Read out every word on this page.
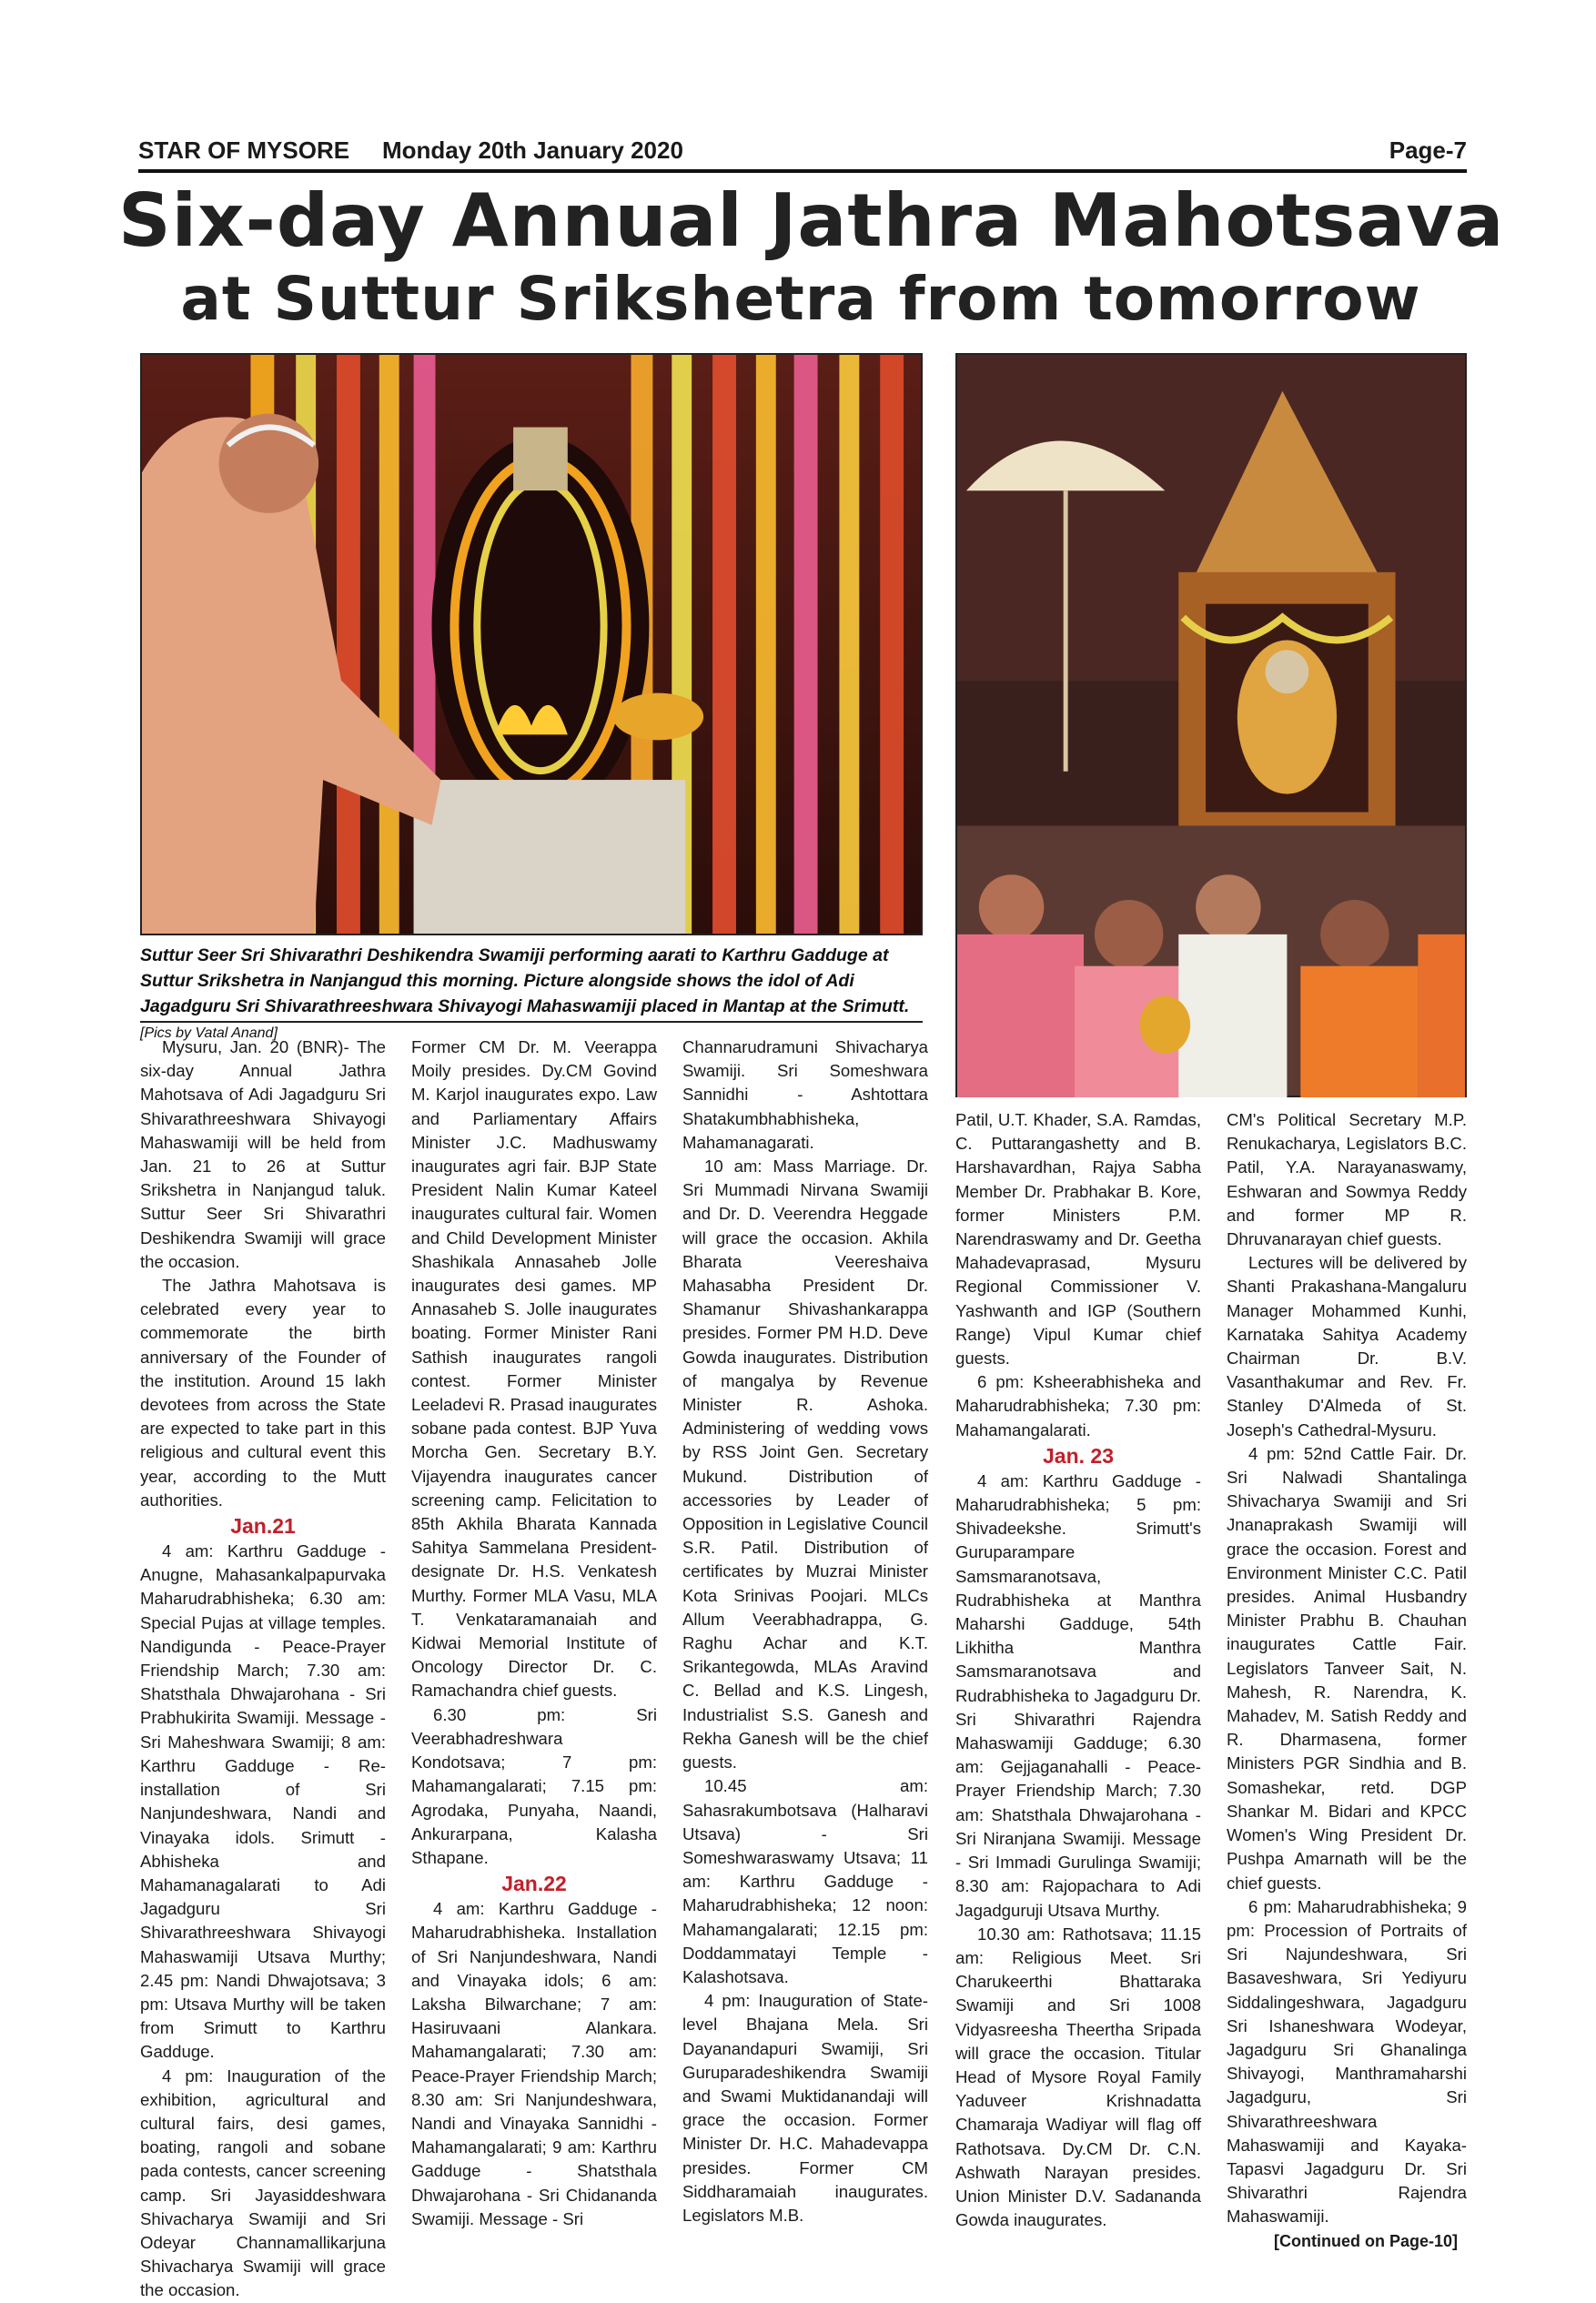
STAR OF MYSORE Monday 20th January 2020	Page-7
Six-day Annual Jathra Mahotsava
at Suttur Srikshetra from tomorrow
Suttur Seer Sri Shivarathri Deshikendra Swamiji performing aarati to Karthru Gadduge at Suttur Srikshetra in Nanjangud this morning. Picture alongside shows the idol of Adi Jagadguru Sri Shivarathreeshwara Shivayogi Mahaswamiji placed in Mantap at the Srimutt. [Pics by Vatal Anand]

Mysuru, Jan. 20 (BNR)- The six-day Annual Jathra Mahotsava of Adi Jagadguru Sri Shivarathreeshwara Shivayogi Mahaswamiji will be held from Jan. 21 to 26 at Suttur Srikshetra in Nanjangud taluk. Suttur Seer Sri Shivarathri Deshikendra Swamiji will grace the occasion.

The Jathra Mahotsava is celebrated every year to commemorate the birth anniversary of the Founder of the institution. Around 15 lakh devotees from across the State are expected to take part in this religious and cultural event this year, according to the Mutt authorities.

Jan.21

4 am: Karthru Gadduge - Anugne, Mahasankalpapurvaka Maharudrabhisheka; 6.30 am: Special Pujas at village temples. Nandigunda - Peace-Prayer Friendship March; 7.30 am: Shatsthala Dhwajarohana - Sri Prabhukirita Swamiji. Message - Sri Maheshwara Swamiji; 8 am: Karthru Gadduge - Re-installation of Sri Nanjundeshwara, Nandi and Vinayaka idols. Srimutt - Abhisheka and Mahamanagalarati to Adi Jagadguru Sri Shivarathreeshwara Shivayogi Mahaswamiji Utsava Murthy; 2.45 pm: Nandi Dhwajotsava; 3 pm: Utsava Murthy will be taken from Srimutt to Karthru Gadduge.

4 pm: Inauguration of the exhibition, agricultural and cultural fairs, desi games, boating, rangoli and sobane pada contests, cancer screening camp. Sri Jayasiddeshwara Shivacharya Swamiji and Sri Odeyar Channamallikarjuna Shivacharya Swamiji will grace the occasion.

Former CM Dr. M. Veerappa Moily presides. Dy.CM Govind M. Karjol inaugurates expo. Law and Parliamentary Affairs Minister J.C. Madhuswamy inaugurates agri fair. BJP State President Nalin Kumar Kateel inaugurates cultural fair. Women and Child Development Minister Shashikala Annasaheb Jolle inaugurates desi games. MP Annasaheb S. Jolle inaugurates boating. Former Minister Rani Sathish inaugurates rangoli contest. Former Minister Leeladevi R. Prasad inaugurates sobane pada contest. BJP Yuva Morcha Gen. Secretary B.Y. Vijayendra inaugurates cancer screening camp. Felicitation to 85th Akhila Bharata Kannada Sahitya Sammelana President-designate Dr. H.S. Venkatesh Murthy. Former MLA Vasu, MLA T. Venkataramanaiah and Kidwai Memorial Institute of Oncology Director Dr. C. Ramachandra chief guests.

6.30 pm: Sri Veerabhadreshwara Kondotsava; 7 pm: Mahamangalarati; 7.15 pm: Agrodaka, Punyaha, Naandi, Ankurarpana, Kalasha Sthapane.

Jan.22

4 am: Karthru Gadduge - Maharudrabhisheka. Installation of Sri Nanjundeshwara, Nandi and Vinayaka idols; 6 am: Laksha Bilwarchane; 7 am: Hasiruvaani Alankara. Mahamangalarati; 7.30 am: Peace-Prayer Friendship March; 8.30 am: Sri Nanjundeshwara, Nandi and Vinayaka Sannidhi - Mahamangalarati; 9 am: Karthru Gadduge - Shatsthala Dhwajarohana - Sri Chidananda Swamiji. Message - Sri

Channarudramuni Shivacharya Swamiji. Sri Someshwara Sannidhi - Ashtottara Shatakumbhabhisheka, Mahamanagarati.

10 am: Mass Marriage. Dr. Sri Mummadi Nirvana Swamiji and Dr. D. Veerendra Heggade will grace the occasion. Akhila Bharata Veereshaiva Mahasabha President Dr. Shamanur Shivashankarappa presides. Former PM H.D. Deve Gowda inaugurates. Distribution of mangalya by Revenue Minister R. Ashoka. Administering of wedding vows by RSS Joint Gen. Secretary Mukund. Distribution of accessories by Leader of Opposition in Legislative Council S.R. Patil. Distribution of certificates by Muzrai Minister Kota Srinivas Poojari. MLCs Allum Veerabhadrappa, G. Raghu Achar and K.T. Srikantegowda, MLAs Aravind C. Bellad and K.S. Lingesh, Industrialist S.S. Ganesh and Rekha Ganesh will be the chief guests.

10.45 am: Sahasrakumbotsava (Halharavi Utsava) - Sri Someshwaraswamy Utsava; 11 am: Karthru Gadduge - Maharudrabhisheka; 12 noon: Mahamangalarati; 12.15 pm: Doddammatayi Temple - Kalashotsava.

4 pm: Inauguration of State-level Bhajana Mela. Sri Dayanandapuri Swamiji, Sri Guruparadeshikendra Swamiji and Swami Muktidanandaji will grace the occasion. Former Minister Dr. H.C. Mahadevappa presides. Former CM Siddharamaiah inaugurates. Legislators M.B.

Patil, U.T. Khader, S.A. Ramdas, C. Puttarangashetty and B. Harshavardhan, Rajya Sabha Member Dr. Prabhakar B. Kore, former Ministers P.M. Narendraswamy and Dr. Geetha Mahadevaprasad, Mysuru Regional Commissioner V. Yashwanth and IGP (Southern Range) Vipul Kumar chief guests.

6 pm: Ksheerabhisheka and Maharudrabhisheka; 7.30 pm: Mahamangalarati.

Jan. 23

4 am: Karthru Gadduge - Maharudrabhisheka; 5 pm: Shivadeekshe. Srimutt's Guruparampare Samsmaranotsava, Rudrabhisheka at Manthra Maharshi Gadduge, 54th Likhitha Manthra Samsmaranotsava and Rudrabhisheka to Jagadguru Dr. Sri Shivarathri Rajendra Mahaswamiji Gadduge; 6.30 am: Gejjaganahalli - Peace-Prayer Friendship March; 7.30 am: Shatsthala Dhwajarohana - Sri Niranjana Swamiji. Message - Sri Immadi Gurulinga Swamiji; 8.30 am: Rajopachara to Adi Jagadguruji Utsava Murthy.

10.30 am: Rathotsava; 11.15 am: Religious Meet. Sri Charukeerthi Bhattaraka Swamiji and Sri 1008 Vidyasreesha Theertha Sripada will grace the occasion. Titular Head of Mysore Royal Family Yaduveer Krishnadatta Chamaraja Wadiyar will flag off Rathotsava. Dy.CM Dr. C.N. Ashwath Narayan presides. Union Minister D.V. Sadananda Gowda inaugurates.

CM's Political Secretary M.P. Renukacharya, Legislators B.C. Patil, Y.A. Narayanaswamy, Eshwaran and Sowmya Reddy and former MP R. Dhruvanarayan chief guests.

Lectures will be delivered by Shanti Prakashana-Mangaluru Manager Mohammed Kunhi, Karnataka Sahitya Academy Chairman Dr. B.V. Vasanthakumar and Rev. Fr. Stanley D'Almeda of St. Joseph's Cathedral-Mysuru.

4 pm: 52nd Cattle Fair. Dr. Sri Nalwadi Shantalinga Shivacharya Swamiji and Sri Jnanaprakash Swamiji will grace the occasion. Forest and Environment Minister C.C. Patil presides. Animal Husbandry Minister Prabhu B. Chauhan inaugurates Cattle Fair. Legislators Tanveer Sait, N. Mahesh, R. Narendra, K. Mahadev, M. Satish Reddy and R. Dharmasena, former Ministers PGR Sindhia and B. Somashekar, retd. DGP Shankar M. Bidari and KPCC Women's Wing President Dr. Pushpa Amarnath will be the chief guests.

6 pm: Maharudrabhisheka; 9 pm: Procession of Portraits of Sri Najundeshwara, Sri Basaveshwara, Sri Yediyuru Siddalingeshwara, Jagadguru Sri Ishaneshwara Wodeyar, Jagadguru Sri Ghanalinga Shivayogi, Manthramaharshi Jagadguru, Sri Shivarathreeshwara Mahaswamiji and Kayaka-Tapasvi Jagadguru Dr. Sri Shivarathri Rajendra Mahaswamiji.

[Continued on Page-10]
